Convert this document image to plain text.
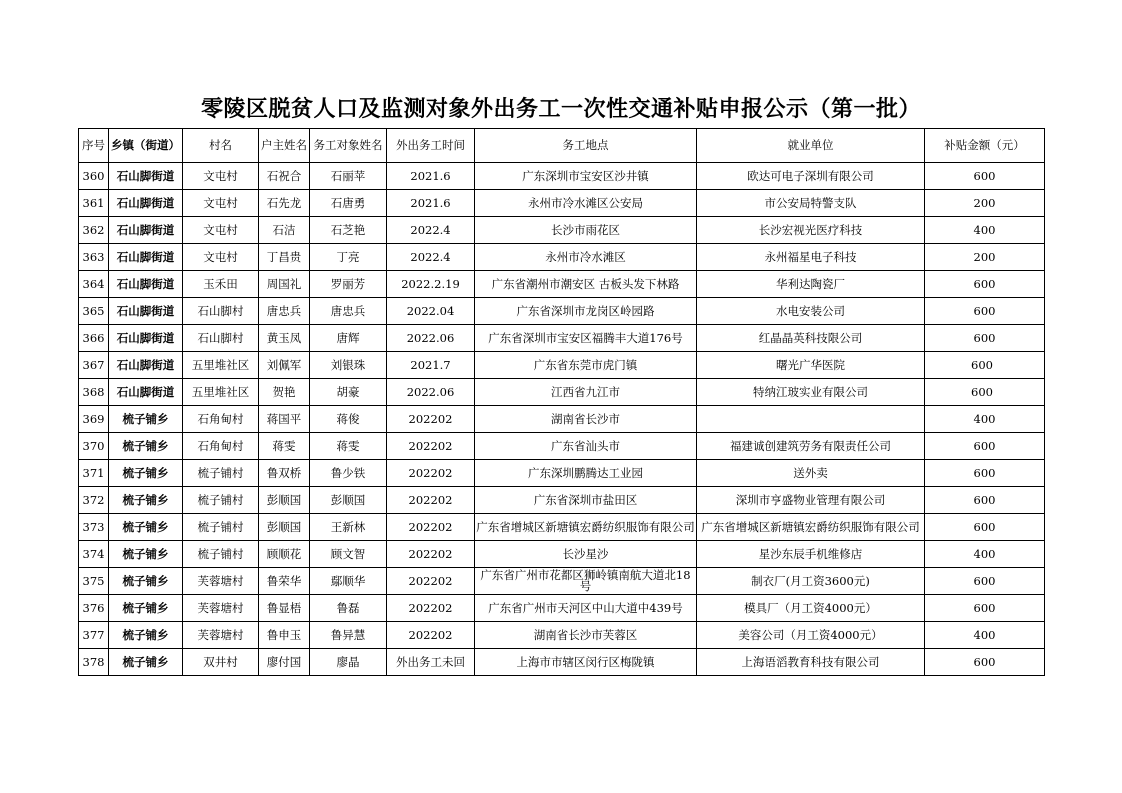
零陵区脱贫人口及监测对象外出务工一次性交通补贴申报公示（第一批）
序号	乡镇（街道）	村名	户主姓名	务工对象姓名	外出务工时间	务工地点	就业单位	补贴金额（元）
360	石山脚街道	文屯村	石祝合	石丽苹	2021.6	广东深圳市宝安区沙井镇	欧达可电子深圳有限公司	600
361	石山脚街道	文屯村	石先龙	石唐勇	2021.6	永州市冷水滩区公安局	市公安局特警支队	200
362	石山脚街道	文屯村	石洁	石芝艳	2022.4	长沙市雨花区	长沙宏视光医疗科技	400
363	石山脚街道	文屯村	丁昌贵	丁亮	2022.4	永州市冷水滩区	永州福星电子科技	200
364	石山脚街道	玉禾田	周国礼	罗丽芳	2022.2.19	广东省潮州市潮安区 古板头发下林路	华利达陶瓷厂	600
365	石山脚街道	石山脚村	唐忠兵	唐忠兵	2022.04	广东省深圳市龙岗区岭园路	水电安装公司	600
366	石山脚街道	石山脚村	黄玉凤	唐辉	2022.06	广东省深圳市宝安区福腾丰大道176号	红晶晶英科技限公司	600
367	石山脚街道	五里堆社区	刘佩军	刘银珠	2021.7	广东省东莞市虎门镇	曙光广华医院	600
368	石山脚街道	五里堆社区	贺艳	胡豪	2022.06	江西省九江市	特纳江玻实业有限公司	600
369	梳子铺乡	石角甸村	蒋国平	蒋俊	202202	湖南省长沙市		400
370	梳子铺乡	石角甸村	蒋雯	蒋雯	202202	广东省汕头市	福建诚创建筑劳务有限责任公司	600
371	梳子铺乡	梳子铺村	鲁双桥	鲁少铁	202202	广东深圳鹏腾达工业园	送外卖	600
372	梳子铺乡	梳子铺村	彭顺国	彭顺国	202202	广东省深圳市盐田区	深圳市亨盛物业管理有限公司	600
373	梳子铺乡	梳子铺村	彭顺国	王新林	202202	广东省增城区新塘镇宏爵纺织服饰有限公司	广东省增城区新塘镇宏爵纺织服饰有限公司	600
374	梳子铺乡	梳子铺村	顾顺花	顾文智	202202	长沙星沙	星沙东辰手机维修店	400
375	梳子铺乡	芙蓉塘村	鲁荣华	鄢顺华	202202	广东省广州市花都区狮岭镇南航大道北18号	制衣厂(月工资3600元)	600
376	梳子铺乡	芙蓉塘村	鲁显梧	鲁磊	202202	广东省广州市天河区中山大道中439号	模具厂（月工资4000元）	600
377	梳子铺乡	芙蓉塘村	鲁申玉	鲁异慧	202202	湖南省长沙市芙蓉区	美容公司（月工资4000元）	400
378	梳子铺乡	双井村	廖付国	廖晶	外出务工未回	上海市市辖区闵行区梅陇镇	上海语滔教育科技有限公司	600
